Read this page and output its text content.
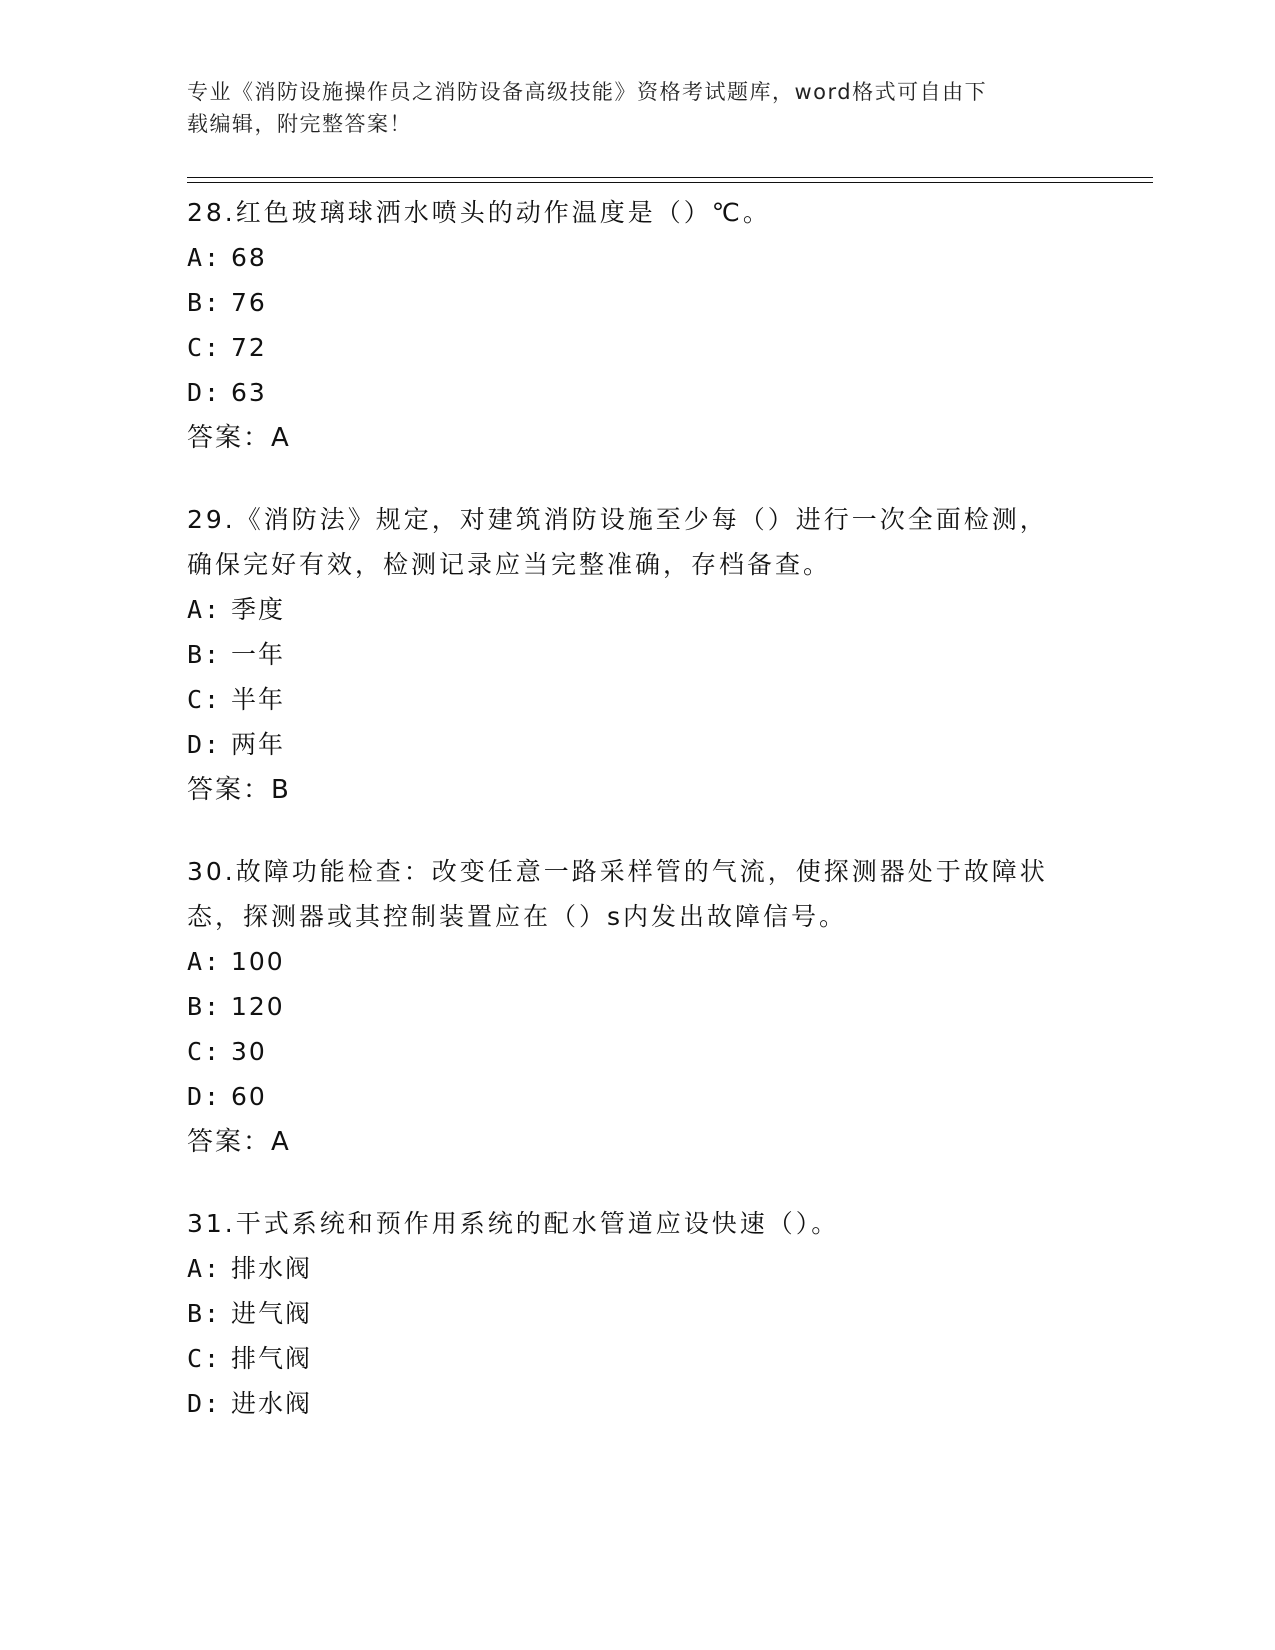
专业《消防设施操作员之消防设备高级技能》资格考试题库，word格式可自由下
载编辑，附完整答案！

28.红色玻璃球洒水喷头的动作温度是（）℃。

A: 68
B: 76
C: 72
D: 63
答案：A

29.《消防法》规定，对建筑消防设施至少每（）进行一次全面检测，
确保完好有效，检测记录应当完整准确，存档备查。

A: 季度
B: 一年
C: 半年
D: 两年
答案：B

30.故障功能检查：改变任意一路采样管的气流，使探测器处于故障状
态，探测器或其控制装置应在（）s内发出故障信号。

A: 100
B: 120
C: 30
D: 60
答案：A

31.干式系统和预作用系统的配水管道应设快速（）。

A: 排水阀
B: 进气阀
C: 排气阀
D: 进水阀
